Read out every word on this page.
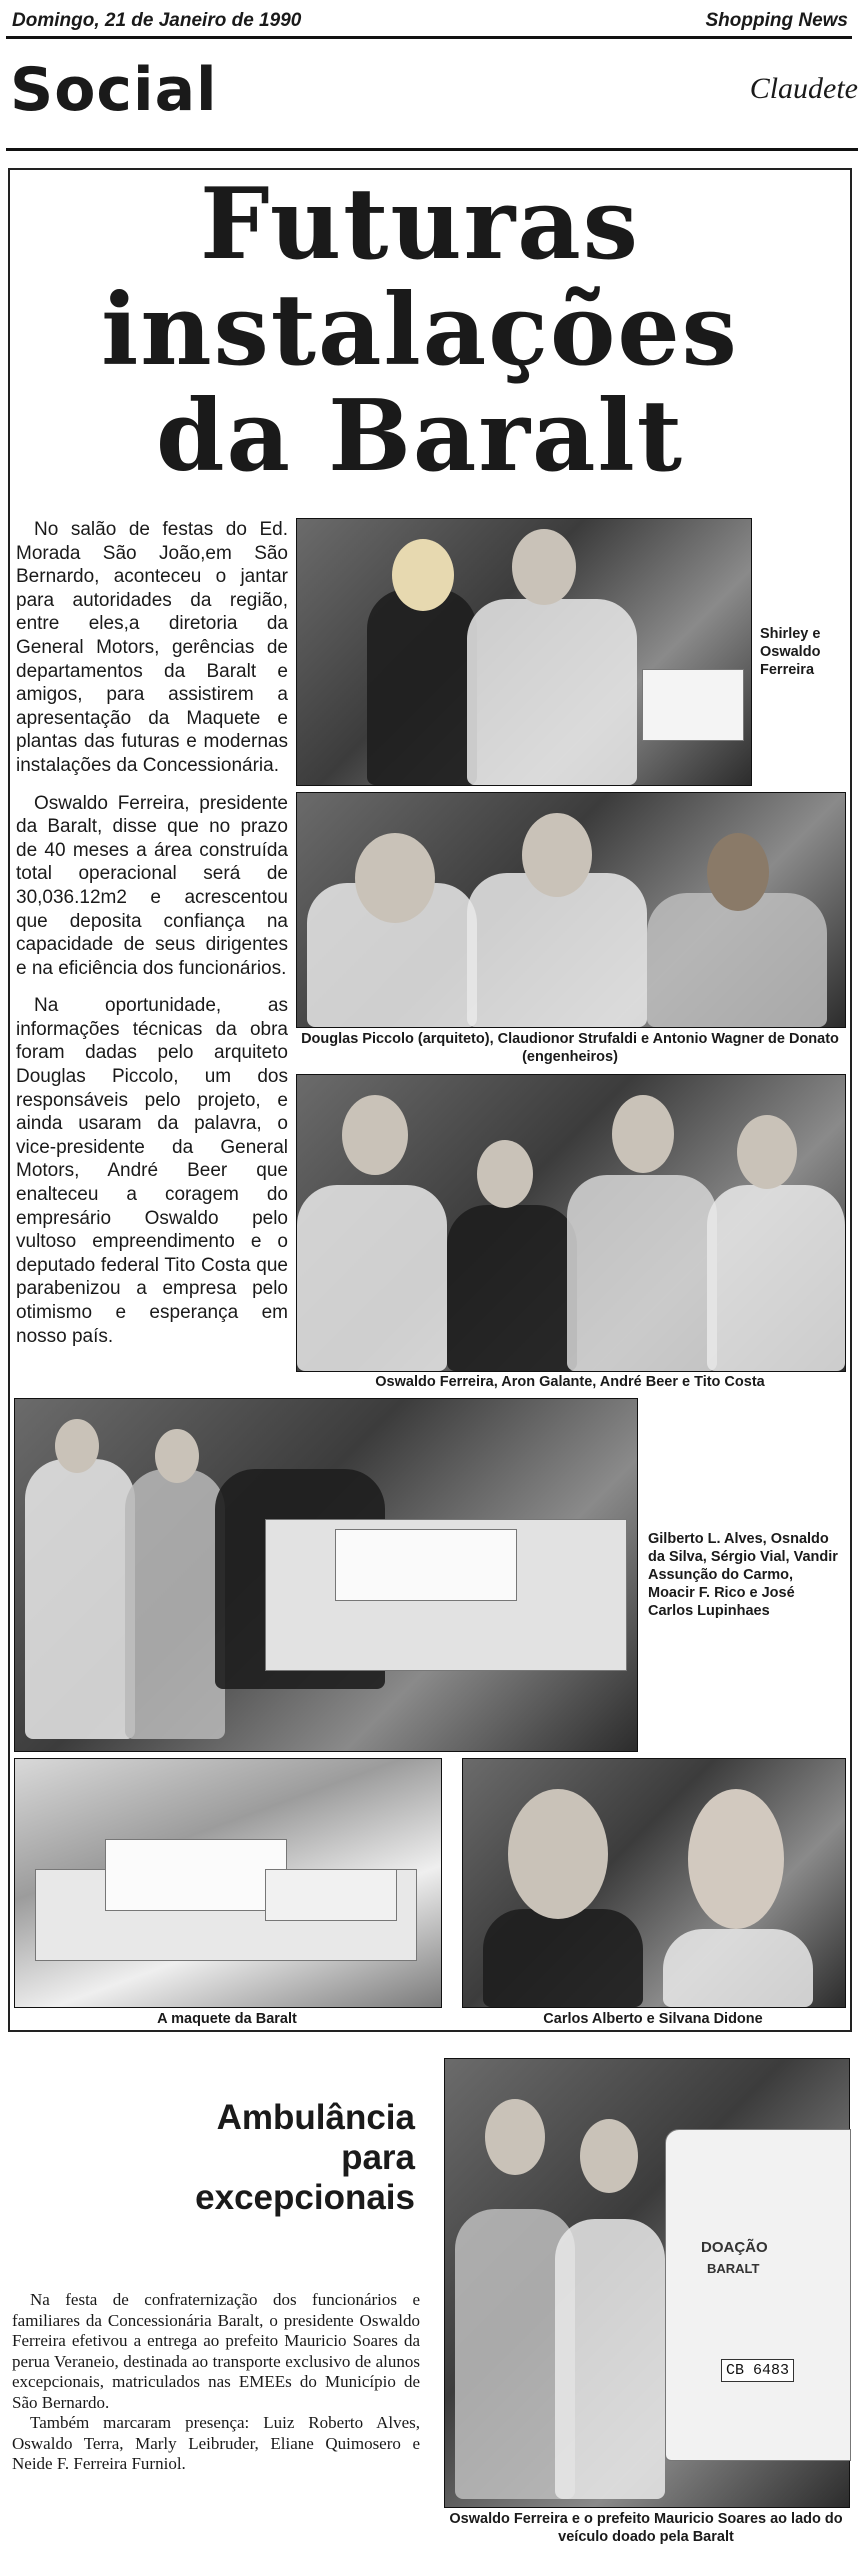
Domingo, 21 de Janeiro de 1990	Shopping News
Social	Claudete
Futuras
instalações
da Baralt

No salão de festas do Ed. Morada São João,em São Bernardo, aconteceu o jantar para autoridades da região, entre eles,a diretoria da General Motors, gerências de departamentos da Baralt e amigos, para assistirem a apresentação da Maquete e plantas das futuras e modernas instalações da Concessionária.

Oswaldo Ferreira, presidente da Baralt, disse que no prazo de 40 meses a área construída total operacional será de 30,036.12m2 e acrescentou que deposita confiança na capacidade de seus dirigentes e na eficiência dos funcionários.

Na oportunidade, as informações técnicas da obra foram dadas pelo arquiteto Douglas Piccolo, um dos responsáveis pelo projeto, e ainda usaram da palavra, o vice-presidente da General Motors, André Beer que enalteceu a coragem do empresário Oswaldo pelo vultoso empreendimento e o deputado federal Tito Costa que parabenizou a empresa pelo otimismo e esperança em nosso país.

Shirley e Oswaldo Ferreira
Douglas Piccolo (arquiteto), Claudionor Strufaldi e Antonio Wagner de Donato (engenheiros)
Oswaldo Ferreira, Aron Galante, André Beer e Tito Costa
Gilberto L. Alves, Osnaldo da Silva, Sérgio Vial, Vandir Assunção do Carmo, Moacir F. Rico e José Carlos Lupinhaes
A maquete da Baralt	Carlos Alberto e Silvana Didone
Ambulância
para
excepcionais

Na festa de confraternização dos funcionários e familiares da Concessionária Baralt, o presidente Oswaldo Ferreira efetivou a entrega ao prefeito Mauricio Soares da perua Veraneio, destinada ao transporte exclusivo de alunos excepcionais, matriculados nas EMEEs do Município de São Bernardo.

Também marcaram presença: Luiz Roberto Alves, Oswaldo Terra, Marly Leibruder, Eliane Quimosero e Neide F. Ferreira Furniol.

DOAÇÃO
BARALT
CB 6483
Oswaldo Ferreira e o prefeito Mauricio Soares ao lado do veículo doado pela Baralt
